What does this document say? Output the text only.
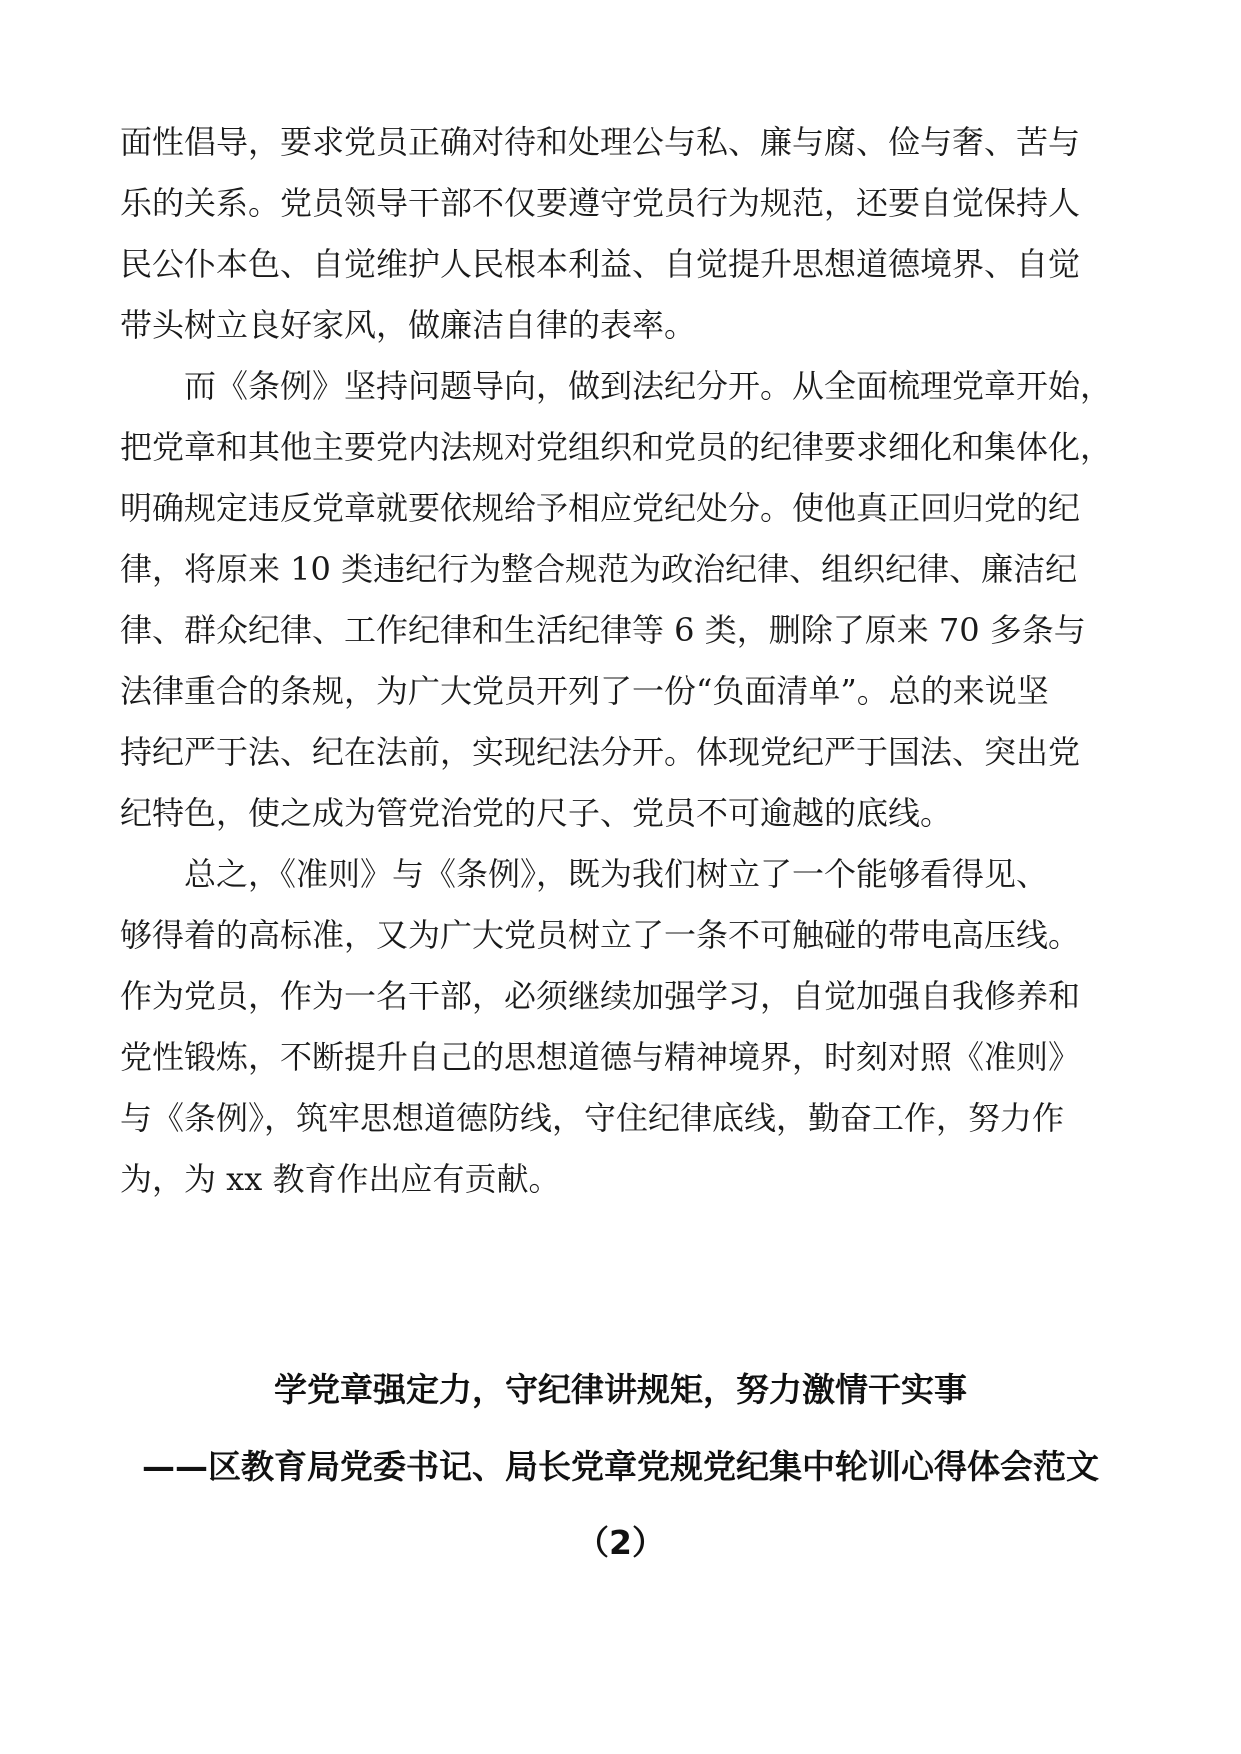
面性倡导，要求党员正确对待和处理公与私、廉与腐、俭与奢、苦与
乐的关系。党员领导干部不仅要遵守党员行为规范，还要自觉保持人
民公仆本色、自觉维护人民根本利益、自觉提升思想道德境界、自觉
带头树立良好家风，做廉洁自律的表率。
而《条例》坚持问题导向，做到法纪分开。从全面梳理党章开始，
把党章和其他主要党内法规对党组织和党员的纪律要求细化和集体化，
明确规定违反党章就要依规给予相应党纪处分。使他真正回归党的纪
律，将原来 10 类违纪行为整合规范为政治纪律、组织纪律、廉洁纪
律、群众纪律、工作纪律和生活纪律等 6 类，删除了原来 70 多条与
法律重合的条规，为广大党员开列了一份“负面清单”。总的来说坚
持纪严于法、纪在法前，实现纪法分开。体现党纪严于国法、突出党
纪特色，使之成为管党治党的尺子、党员不可逾越的底线。
总之，《准则》与《条例》，既为我们树立了一个能够看得见、
够得着的高标准，又为广大党员树立了一条不可触碰的带电高压线。
作为党员，作为一名干部，必须继续加强学习，自觉加强自我修养和
党性锻炼，不断提升自己的思想道德与精神境界，时刻对照《准则》
与《条例》，筑牢思想道德防线，守住纪律底线，勤奋工作，努力作
为，为 xx 教育作出应有贡献。
学党章强定力，守纪律讲规矩，努力激情干实事
——区教育局党委书记、局长党章党规党纪集中轮训心得体会范文
（2）
